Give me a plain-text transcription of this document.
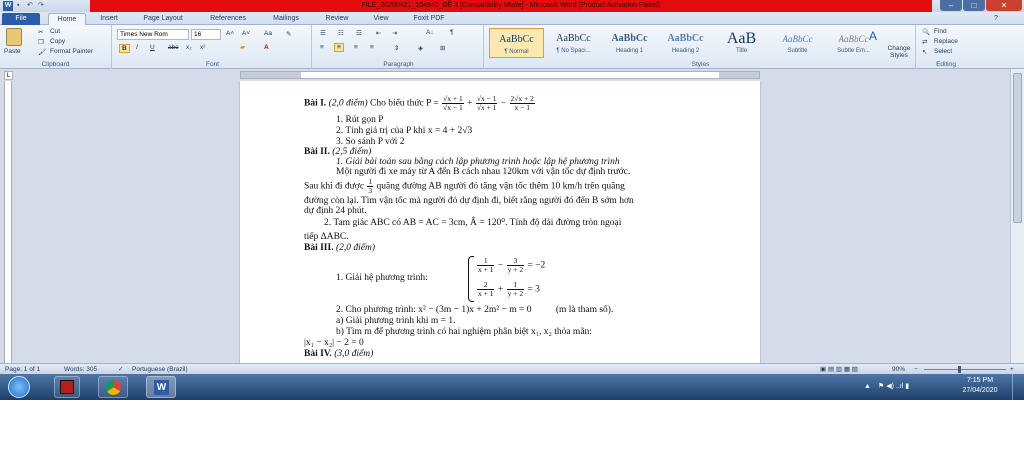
W ▪ ↶ ↷	FILE_20200421_104840_ĐỀ 3 [Compatibility Mode] - Microsoft Word (Product Activation Failed)	–	□	✕
File	Home	Insert	Page Layout	References	Mailings	Review	View	Foxit PDF	?
Paste
✂ Cut
❐ Copy
🖌 Format Painter
Clipboard
Times New Rom	16	A˄ A˅ Aa ✎
B	I U abc x₂ x²	▰	A
Font
☰ ☷ ☲ ⇤ ⇥	A↓	¶
≡	≡	≡ ≡	⇕	◈	⊞
Paragraph
AaBbCc
¶ Normal
AaBbCc
¶ No Spaci...
AaBbCc
Heading 1
AaBbCc
Heading 2
AaB
Title
AaBbCc
Subtitle
AaBbCc
Subtle Em...
A
Change Styles
Styles
🔍 Find
⇄ Replace
↖ Select
Editing
L
Bài I. (2,0 điểm) Cho biểu thức $P = \frac{√x + 1}{√x - 1} + \frac{√x - 1}{√x + 1} - \frac{2√x + 2}{x - 1}$
1. Rút gọn P
2. Tính giá trị của P khi x = 4 + 2√3
3. So sánh P với 2
Bài II. (2,5 điểm)
1. Giải bài toán sau bằng cách lập phương trình hoặc lập hệ phương trình
Một người đi xe máy từ A đến B cách nhau 120km với vận tốc dự định trước.
Sau khi đi được $\frac{1}{3}$ quãng đường AB người đó tăng vận tốc thêm 10 km/h trên quãng
đường còn lại. Tìm vận tốc mà người đó dự định đi, biết rằng người đó đến B sớm hơn
dự định 24 phút.
2. Tam giác ABC có AB = AC = 3cm, Â = 120⁰. Tính độ dài đường tròn ngoại
tiếp ΔABC.
Bài III. (2,0 điểm)
1. Giải hệ phương trình:
$\frac{1}{x + 1} - \frac{3}{y + 2} = -2$
$\frac{2}{x + 1} + \frac{1}{y + 2} = 3$
2. Cho phương trình: x² − (3m − 1)x + 2m² − m = 0	(m là tham số).
a) Giải phương trình khi m = 1.
b) Tìm m để phương trình có hai nghiệm phân biệt x₁, x₂ thỏa mãn:
|x₁ − x₂| − 2 = 0
Bài IV. (3,0 điểm)
Page: 1 of 1	Words: 305	✓ Portuguese (Brazil)	▣ ▤ ▥ ▦ ▧	90% −	+
W	▲ ⚑ ◀) ..ıl ▮
7:15 PM
27/04/2020
